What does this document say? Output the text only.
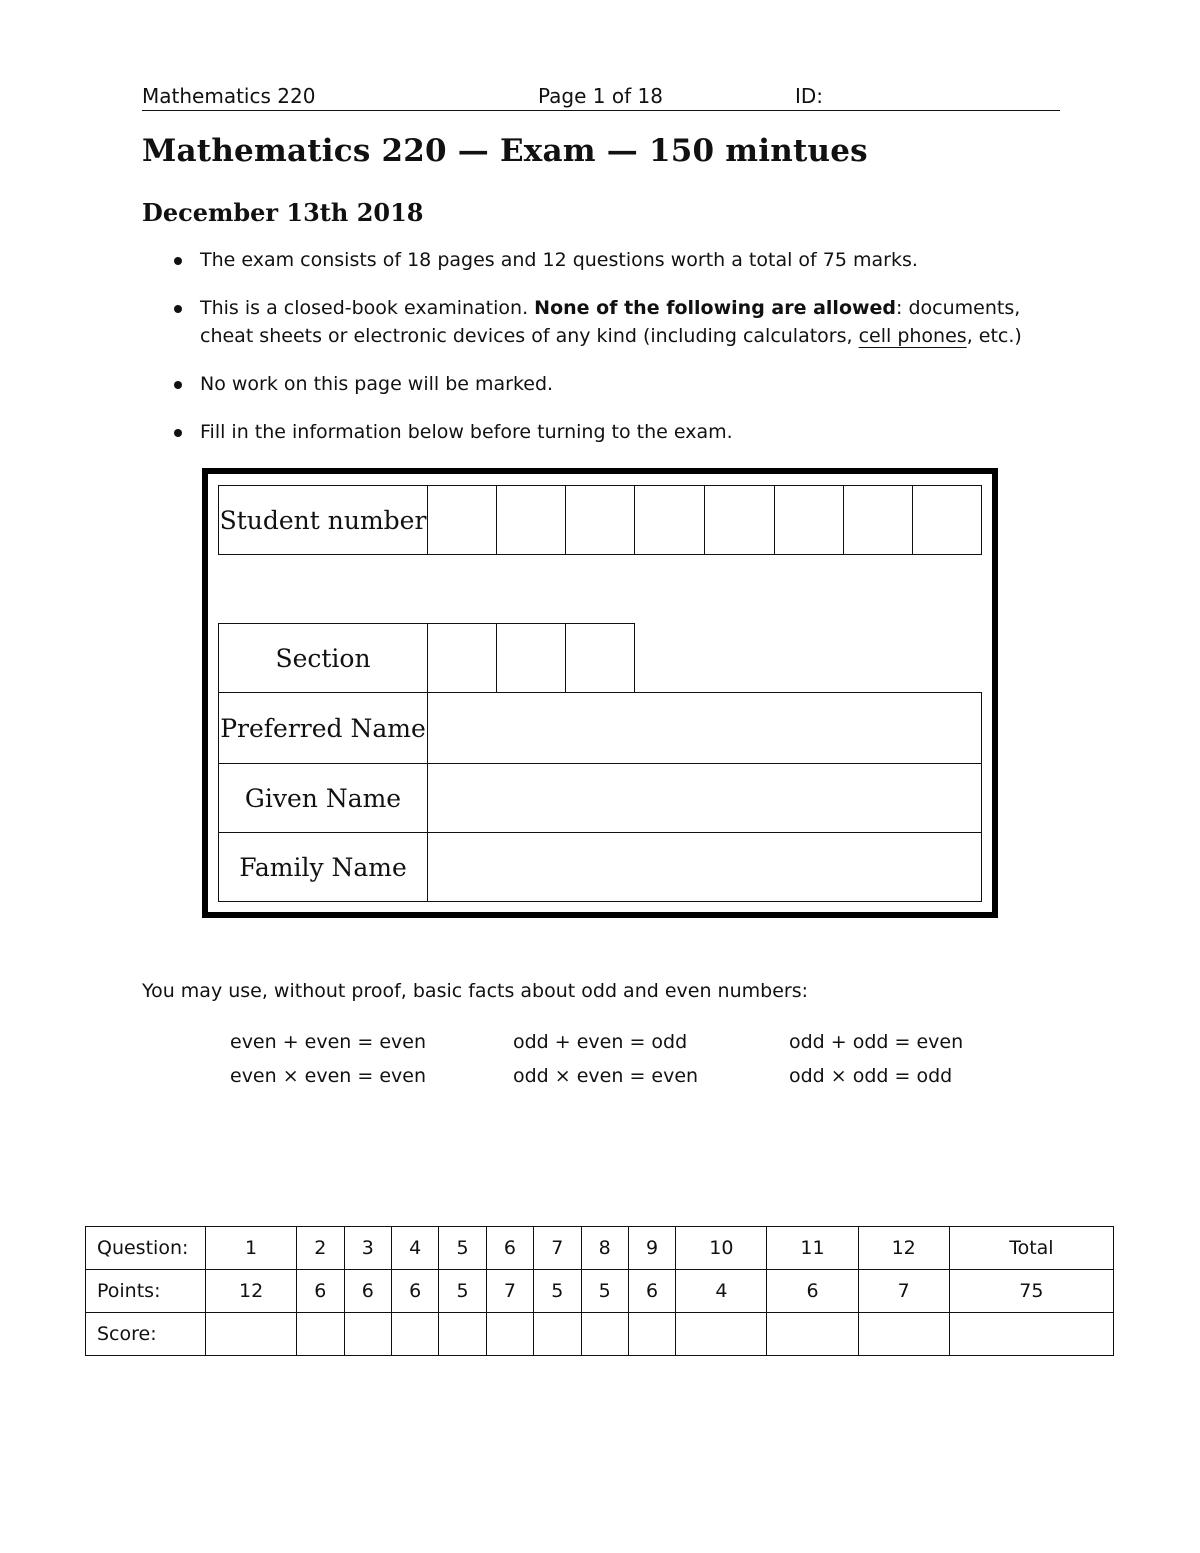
Mathematics 220	Page 1 of 18	ID:
Mathematics 220 — Exam — 150 mintues
December 13th 2018
The exam consists of 18 pages and 12 questions worth a total of 75 marks.
This is a closed-book examination. None of the following are allowed: documents, cheat sheets or electronic devices of any kind (including calculators, cell phones, etc.)
No work on this page will be marked.
Fill in the information below before turning to the exam.
Student number
Section
Preferred Name
Given Name
Family Name
You may use, without proof, basic facts about odd and even numbers:
even + even = even	odd + even = odd	odd + odd = even
even × even = even	odd × even = even	odd × odd = odd
Question:	1	2	3	4	5	6	7	8	9	10	11	12	Total
Points:	12	6	6	6	5	7	5	5	6	4	6	7	75
Score:													
